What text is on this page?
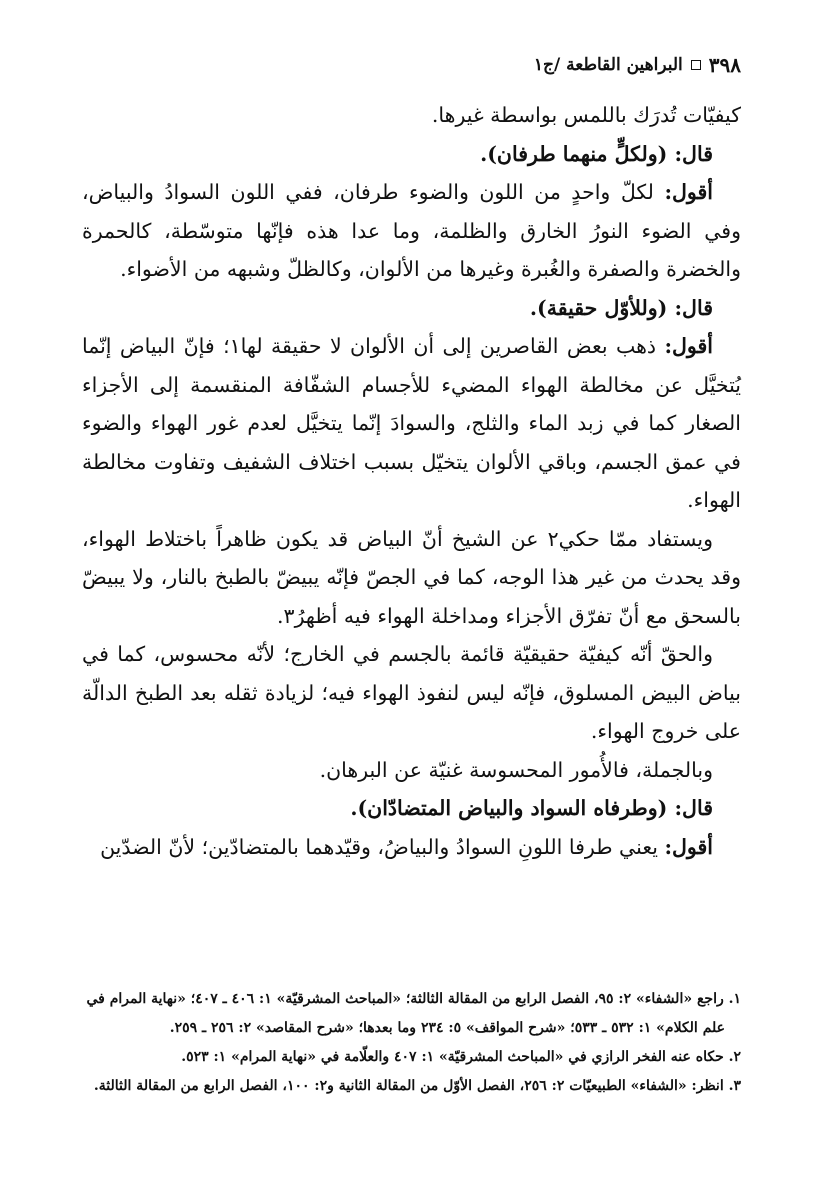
٣٩٨
البراهين القاطعة /ج١

كيفيّات تُدرَك باللمس بواسطة غيرها.

قال: (ولكلٍّ منهما طرفان).

أقول: لكلّ واحدٍ من اللون والضوء طرفان، ففي اللون السوادُ والبياض، وفي الضوء النورُ الخارق والظلمة، وما عدا هذه فإنّها متوسّطة، كالحمرة والخضرة والصفرة والغُبرة وغيرها من الألوان، وكالظلّ وشبهه من الأضواء.

قال: (وللأوّل حقيقة).

أقول: ذهب بعض القاصرين إلى أن الألوان لا حقيقة لها١؛ فإنّ البياض إنّما يُتخيَّل عن مخالطة الهواء المضيء للأجسام الشفّافة المنقسمة إلى الأجزاء الصغار كما في زبد الماء والثلج، والسوادَ إنّما يتخيَّل لعدم غور الهواء والضوء في عمق الجسم، وباقي الألوان يتخيّل بسبب اختلاف الشفيف وتفاوت مخالطة الهواء.

ويستفاد ممّا حكي٢ عن الشيخ أنّ البياض قد يكون ظاهراً باختلاط الهواء، وقد يحدث من غير هذا الوجه، كما في الجصّ فإنّه يبيضّ بالطبخ بالنار، ولا يبيضّ بالسحق مع أنّ تفرّق الأجزاء ومداخلة الهواء فيه أظهرُ٣.

والحقّ أنّه كيفيّة حقيقيّة قائمة بالجسم في الخارج؛ لأنّه محسوس، كما في بياض البيض المسلوق، فإنّه ليس لنفوذ الهواء فيه؛ لزيادة ثقله بعد الطبخ الدالّة على خروج الهواء.

وبالجملة، فالأُمور المحسوسة غنيّة عن البرهان.

قال: (وطرفاه السواد والبياض المتضادّان).

أقول: يعني طرفا اللونِ السوادُ والبياضُ، وقيّدهما بالمتضادّين؛ لأنّ الضدّين

١. راجع «الشفاء» ٢: ٩٥، الفصل الرابع من المقالة الثالثة؛ «المباحث المشرقيّة» ١: ٤٠٦ ـ ٤٠٧؛ «نهاية المرام في

علم الكلام» ١: ٥٣٢ ـ ٥٣٣؛ «شرح المواقف» ٥: ٢٣٤ وما بعدها؛ «شرح المقاصد» ٢: ٢٥٦ ـ ٢٥٩.

٢. حكاه عنه الفخر الرازي في «المباحث المشرقيّة» ١: ٤٠٧ والعلّامة في «نهاية المرام» ١: ٥٢٣.

٣. انظر: «الشفاء» الطبيعيّات ٢: ٢٥٦، الفصل الأوّل من المقالة الثانية و٢: ١٠٠، الفصل الرابع من المقالة الثالثة.
